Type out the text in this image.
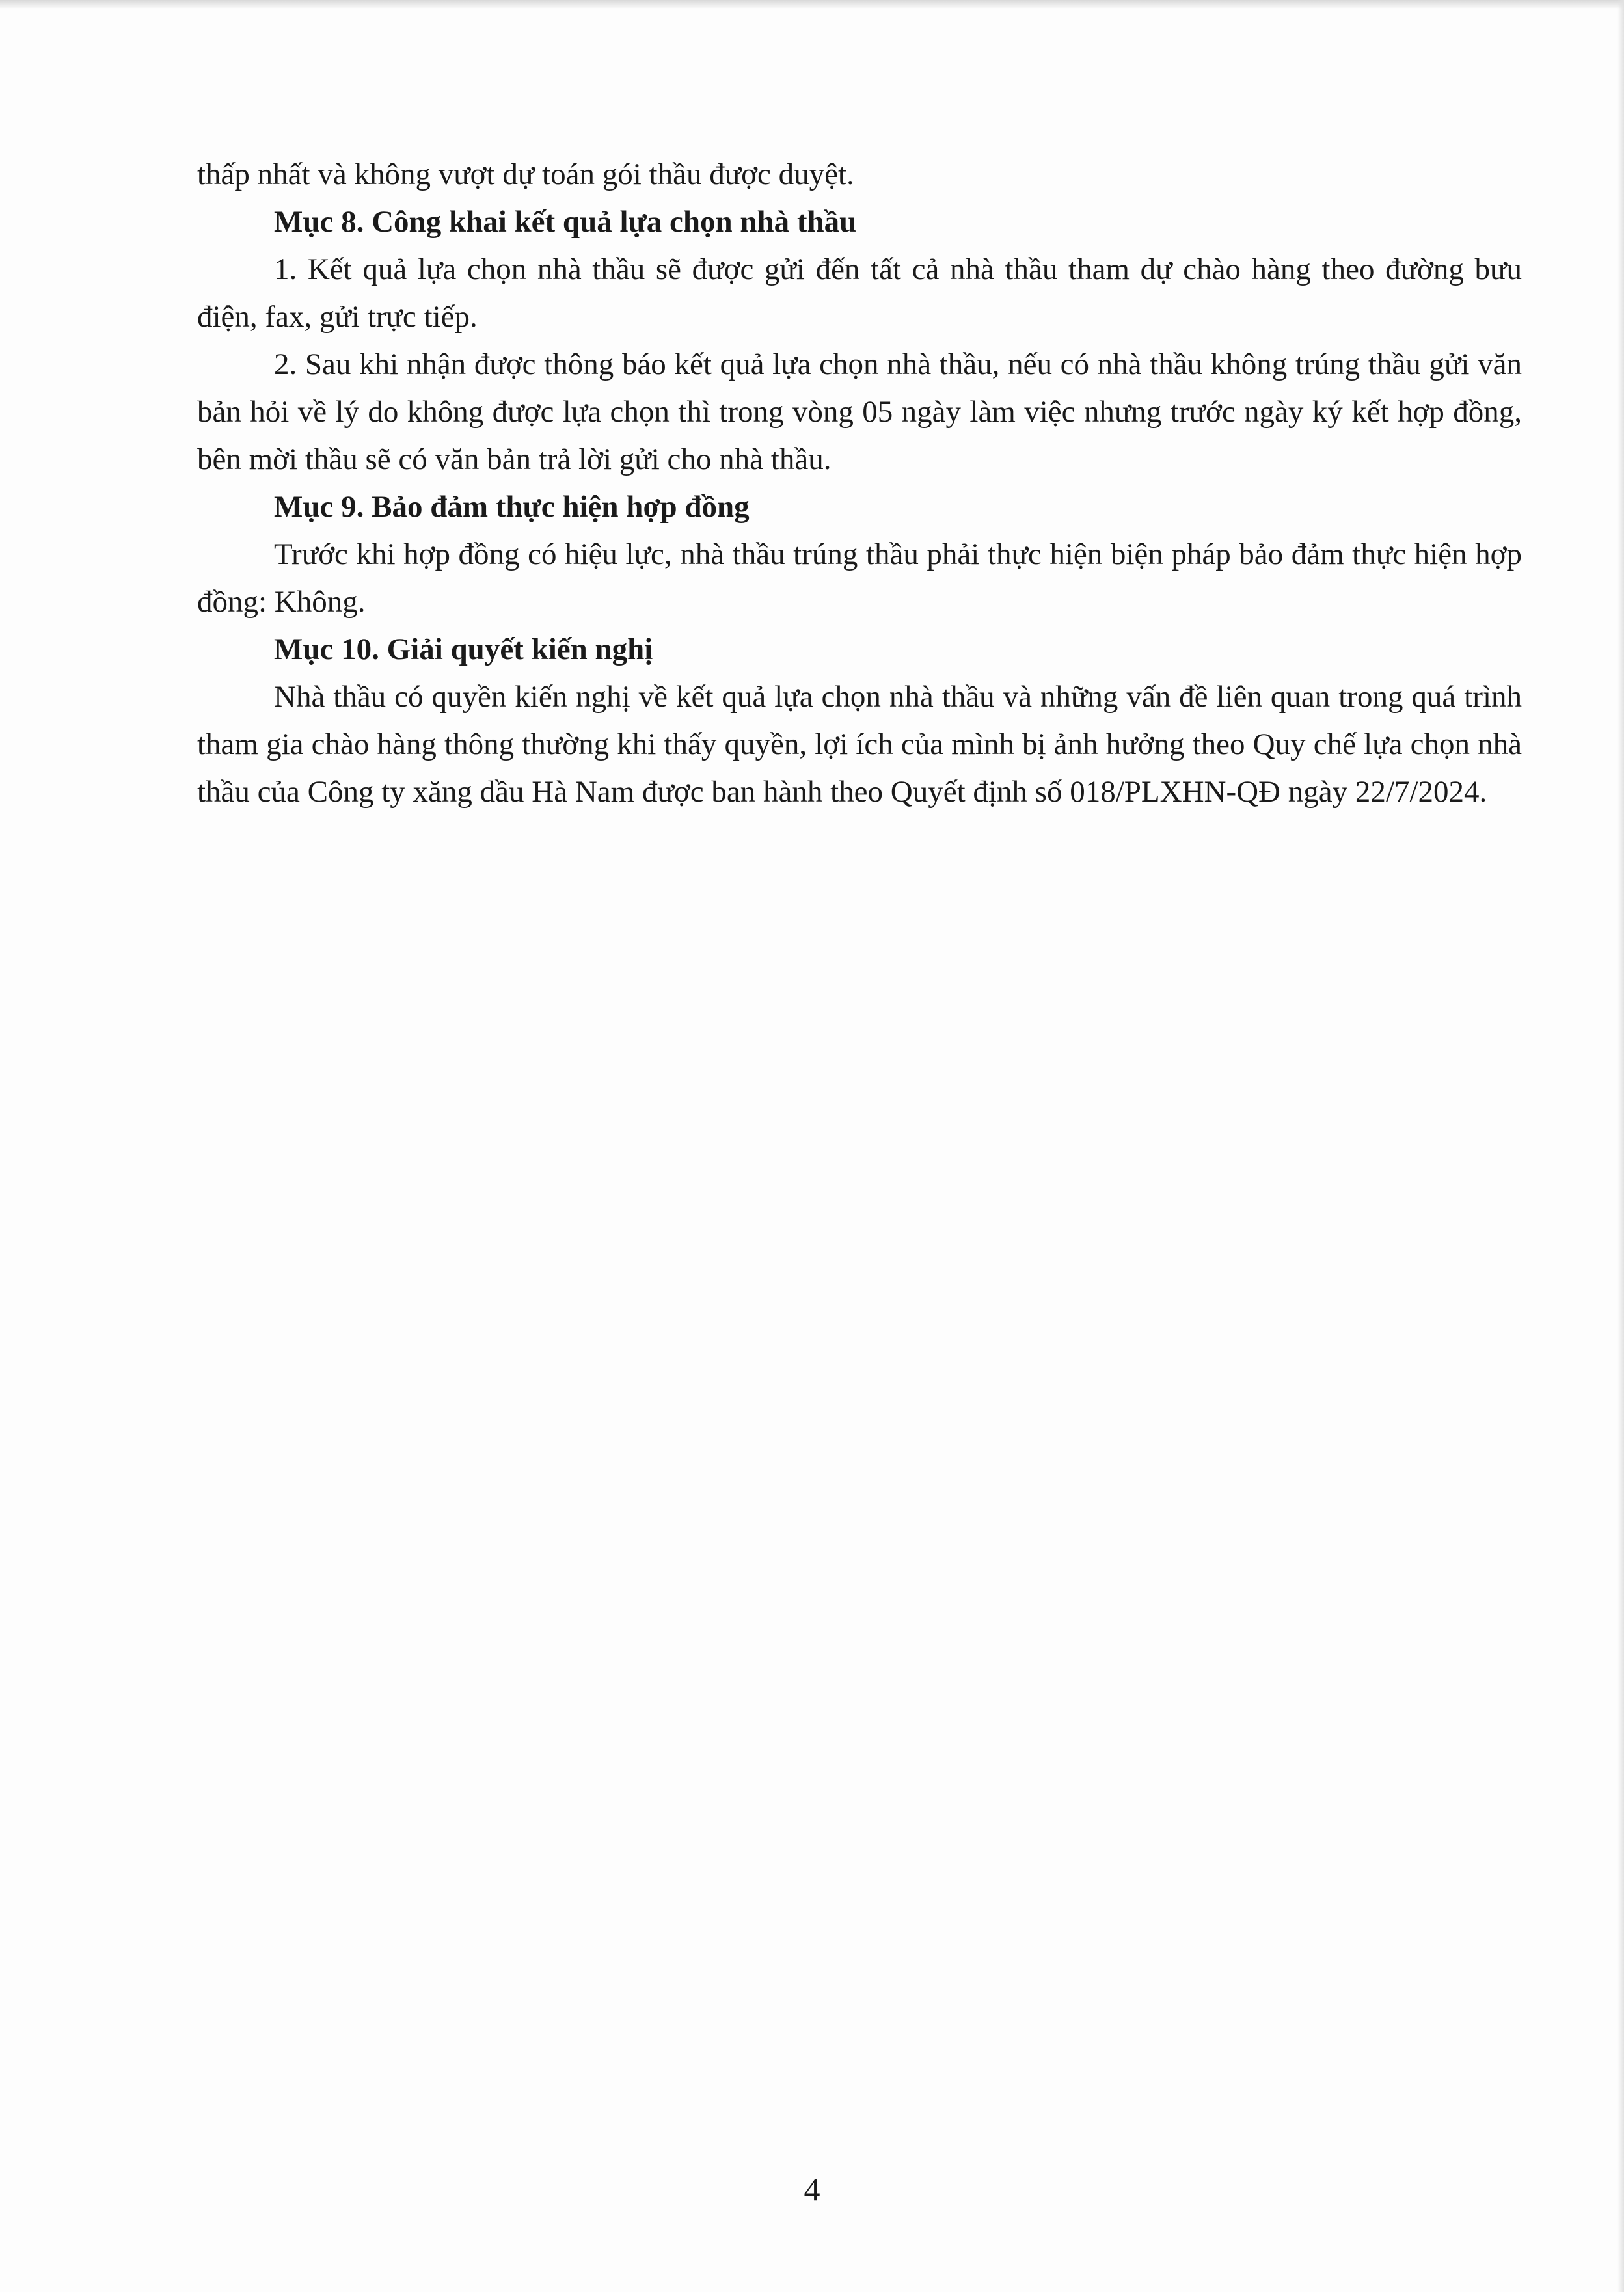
thấp nhất và không vượt dự toán gói thầu được duyệt.

Mục 8. Công khai kết quả lựa chọn nhà thầu

1. Kết quả lựa chọn nhà thầu sẽ được gửi đến tất cả nhà thầu tham dự chào hàng theo đường bưu điện, fax, gửi trực tiếp.

2. Sau khi nhận được thông báo kết quả lựa chọn nhà thầu, nếu có nhà thầu không trúng thầu gửi văn bản hỏi về lý do không được lựa chọn thì trong vòng 05 ngày làm việc nhưng trước ngày ký kết hợp đồng, bên mời thầu sẽ có văn bản trả lời gửi cho nhà thầu.

Mục 9. Bảo đảm thực hiện hợp đồng

Trước khi hợp đồng có hiệu lực, nhà thầu trúng thầu phải thực hiện biện pháp bảo đảm thực hiện hợp đồng: Không.

Mục 10. Giải quyết kiến nghị

Nhà thầu có quyền kiến nghị về kết quả lựa chọn nhà thầu và những vấn đề liên quan trong quá trình tham gia chào hàng thông thường khi thấy quyền, lợi ích của mình bị ảnh hưởng theo Quy chế lựa chọn nhà thầu của Công ty xăng dầu Hà Nam được ban hành theo Quyết định số 018/PLXHN-QĐ ngày 22/7/2024.

4
